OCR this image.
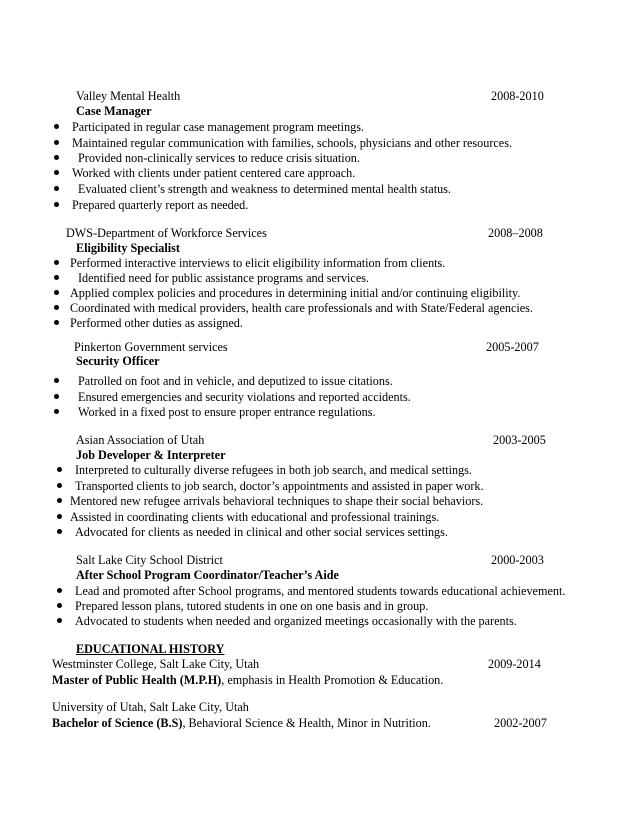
Valley Mental Health	2008-2010
Case Manager
Participated in regular case management program meetings.
Maintained regular communication with families, schools, physicians and other resources.
Provided non-clinically services to reduce crisis situation.
Worked with clients under patient centered care approach.
Evaluated client’s strength and weakness to determined mental health status.
Prepared quarterly report as needed.
DWS-Department of Workforce Services	2008–2008
Eligibility Specialist
Performed interactive interviews to elicit eligibility information from clients.
Identified need for public assistance programs and services.
Applied complex policies and procedures in determining initial and/or continuing eligibility.
Coordinated with medical providers, health care professionals and with State/Federal agencies.
Performed other duties as assigned.
Pinkerton Government services	2005-2007
Security Officer
Patrolled on foot and in vehicle, and deputized to issue citations.
Ensured emergencies and security violations and reported accidents.
Worked in a fixed post to ensure proper entrance regulations.
Asian Association of Utah	2003-2005
Job Developer & Interpreter
Interpreted to culturally diverse refugees in both job search, and medical settings.
Transported clients to job search, doctor’s appointments and assisted in paper work.
Mentored new refugee arrivals behavioral techniques to shape their social behaviors.
Assisted in coordinating clients with educational and professional trainings.
Advocated for clients as needed in clinical and other social services settings.
Salt Lake City School District	2000-2003
After School Program Coordinator/Teacher’s Aide
Lead and promoted after School programs, and mentored students towards educational achievement.
Prepared lesson plans, tutored students in one on one basis and in group.
Advocated to students when needed and organized meetings occasionally with the parents.
EDUCATIONAL HISTORY
Westminster College, Salt Lake City, Utah	2009-2014
Master of Public Health (M.P.H), emphasis in Health Promotion & Education.
University of Utah, Salt Lake City, Utah
Bachelor of Science (B.S), Behavioral Science & Health, Minor in Nutrition.	2002-2007
